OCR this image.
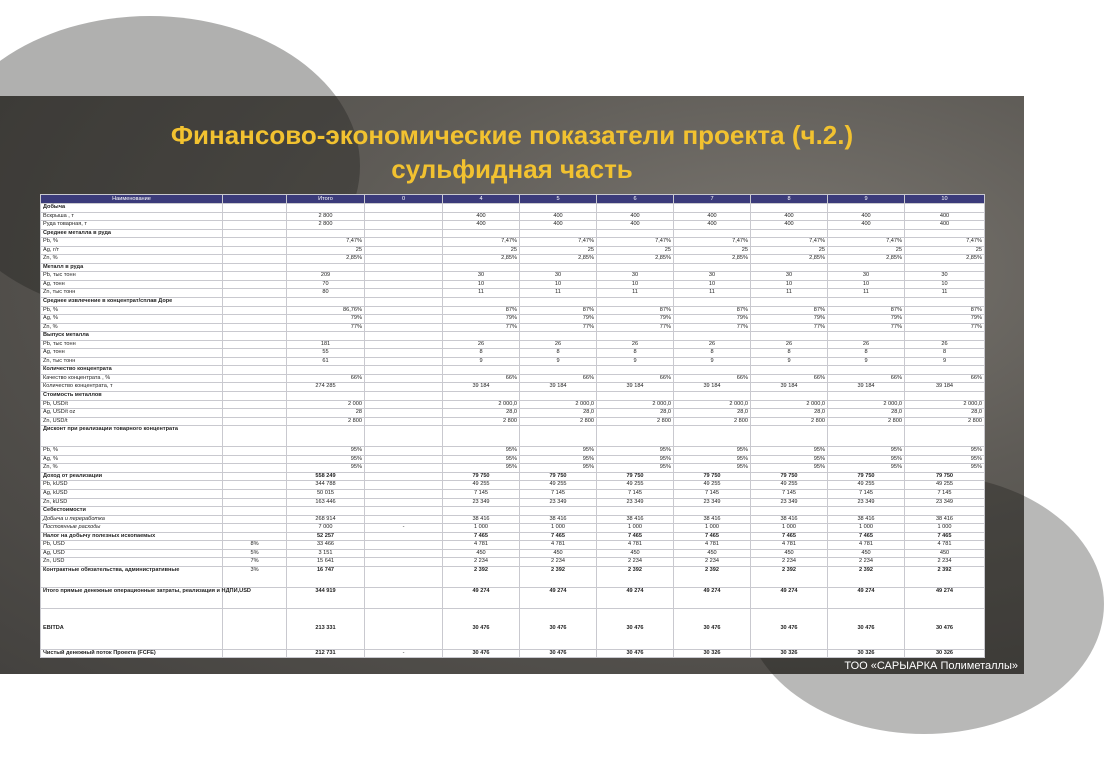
Финансово-экономические показатели проекта (ч.2.)
сульфидная часть
Наименование		Итого	0	4	5	6	7	8	9	10	
Добыча											
Вскрыша , т		2 800		400	400	400	400	400	400	400	
Руда товарная, т		2 800		400	400	400	400	400	400	400	
Среднее металла в руда											
Pb, %		7,47%		7,47%	7,47%	7,47%	7,47%	7,47%	7,47%	7,47%	
Ag, г/т		25		25	25	25	25	25	25	25	
Zn, %		2,85%		2,85%	2,85%	2,85%	2,85%	2,85%	2,85%	2,85%	
Металл в руда											
Pb, тыс тонн		209		30	30	30	30	30	30	30	
Ag, тонн		70		10	10	10	10	10	10	10	
Zn, тыс тонн		80		11	11	11	11	11	11	11	
Среднее извлечение в концентрат/сплав Доре											
Pb, %		86,76%		87%	87%	87%	87%	87%	87%	87%	
Ag, %		79%		79%	79%	79%	79%	79%	79%	79%	
Zn, %		77%		77%	77%	77%	77%	77%	77%	77%	
Выпуск металла											
Pb, тыс тонн		181		26	26	26	26	26	26	26	
Ag, тонн		55		8	8	8	8	8	8	8	
Zn, тыс тонн		61		9	9	9	9	9	9	9	
Количество концентрата											
Качество концентрата , %		66%		66%	66%	66%	66%	66%	66%	66%	
Количество концентрата, т		274 285		39 184	39 184	39 184	39 184	39 184	39 184	39 184	
Стоимость металлов											
Pb, USD/t		2 000		2 000,0	2 000,0	2 000,0	2 000,0	2 000,0	2 000,0	2 000,0	
Ag, USD/t oz		28		28,0	28,0	28,0	28,0	28,0	28,0	28,0	
Zn, USD/t		2 800		2 800	2 800	2 800	2 800	2 800	2 800	2 800	
Дисконт при реализации товарного концентрата											
Pb, %		95%		95%	95%	95%	95%	95%	95%	95%	
Ag, %		95%		95%	95%	95%	95%	95%	95%	95%	
Zn, %		95%		95%	95%	95%	95%	95%	95%	95%	
Доход от реализации		558 249		79 750	79 750	79 750	79 750	79 750	79 750	79 750	
Pb, kUSD		344 788		49 255	49 255	49 255	49 255	49 255	49 255	49 255	
Ag, kUSD		50 015		7 145	7 145	7 145	7 145	7 145	7 145	7 145	
Zn, kUSD		163 446		23 349	23 349	23 349	23 349	23 349	23 349	23 349	
Себестоимости											
Добыча и переработка		268 914		38 416	38 416	38 416	38 416	38 416	38 416	38 416	
Постоянные расходы		7 000	-	1 000	1 000	1 000	1 000	1 000	1 000	1 000	
Налог на добычу полезных ископаемых		52 257		7 465	7 465	7 465	7 465	7 465	7 465	7 465	
Pb, USD	8%	33 466		4 781	4 781	4 781	4 781	4 781	4 781	4 781	
Ag, USD	5%	3 151		450	450	450	450	450	450	450	
Zn, USD	7%	15 641		2 234	2 234	2 234	2 234	2 234	2 234	2 234	
Контрактные обязательства, административные	3%	16 747		2 392	2 392	2 392	2 392	2 392	2 392	2 392	
Итого прямые денежные операционные затраты, реализация и НДПИ,USD		344 919		49 274	49 274	49 274	49 274	49 274	49 274	49 274	
EBITDA		213 331		30 476	30 476	30 476	30 476	30 476	30 476	30 476	
Чистый денежный поток Проекта (FCFE)		212 731	-	30 476	30 476	30 476	30 326	30 326	30 326	30 326	
ТОО «САРЫАРКА Полиметаллы»
